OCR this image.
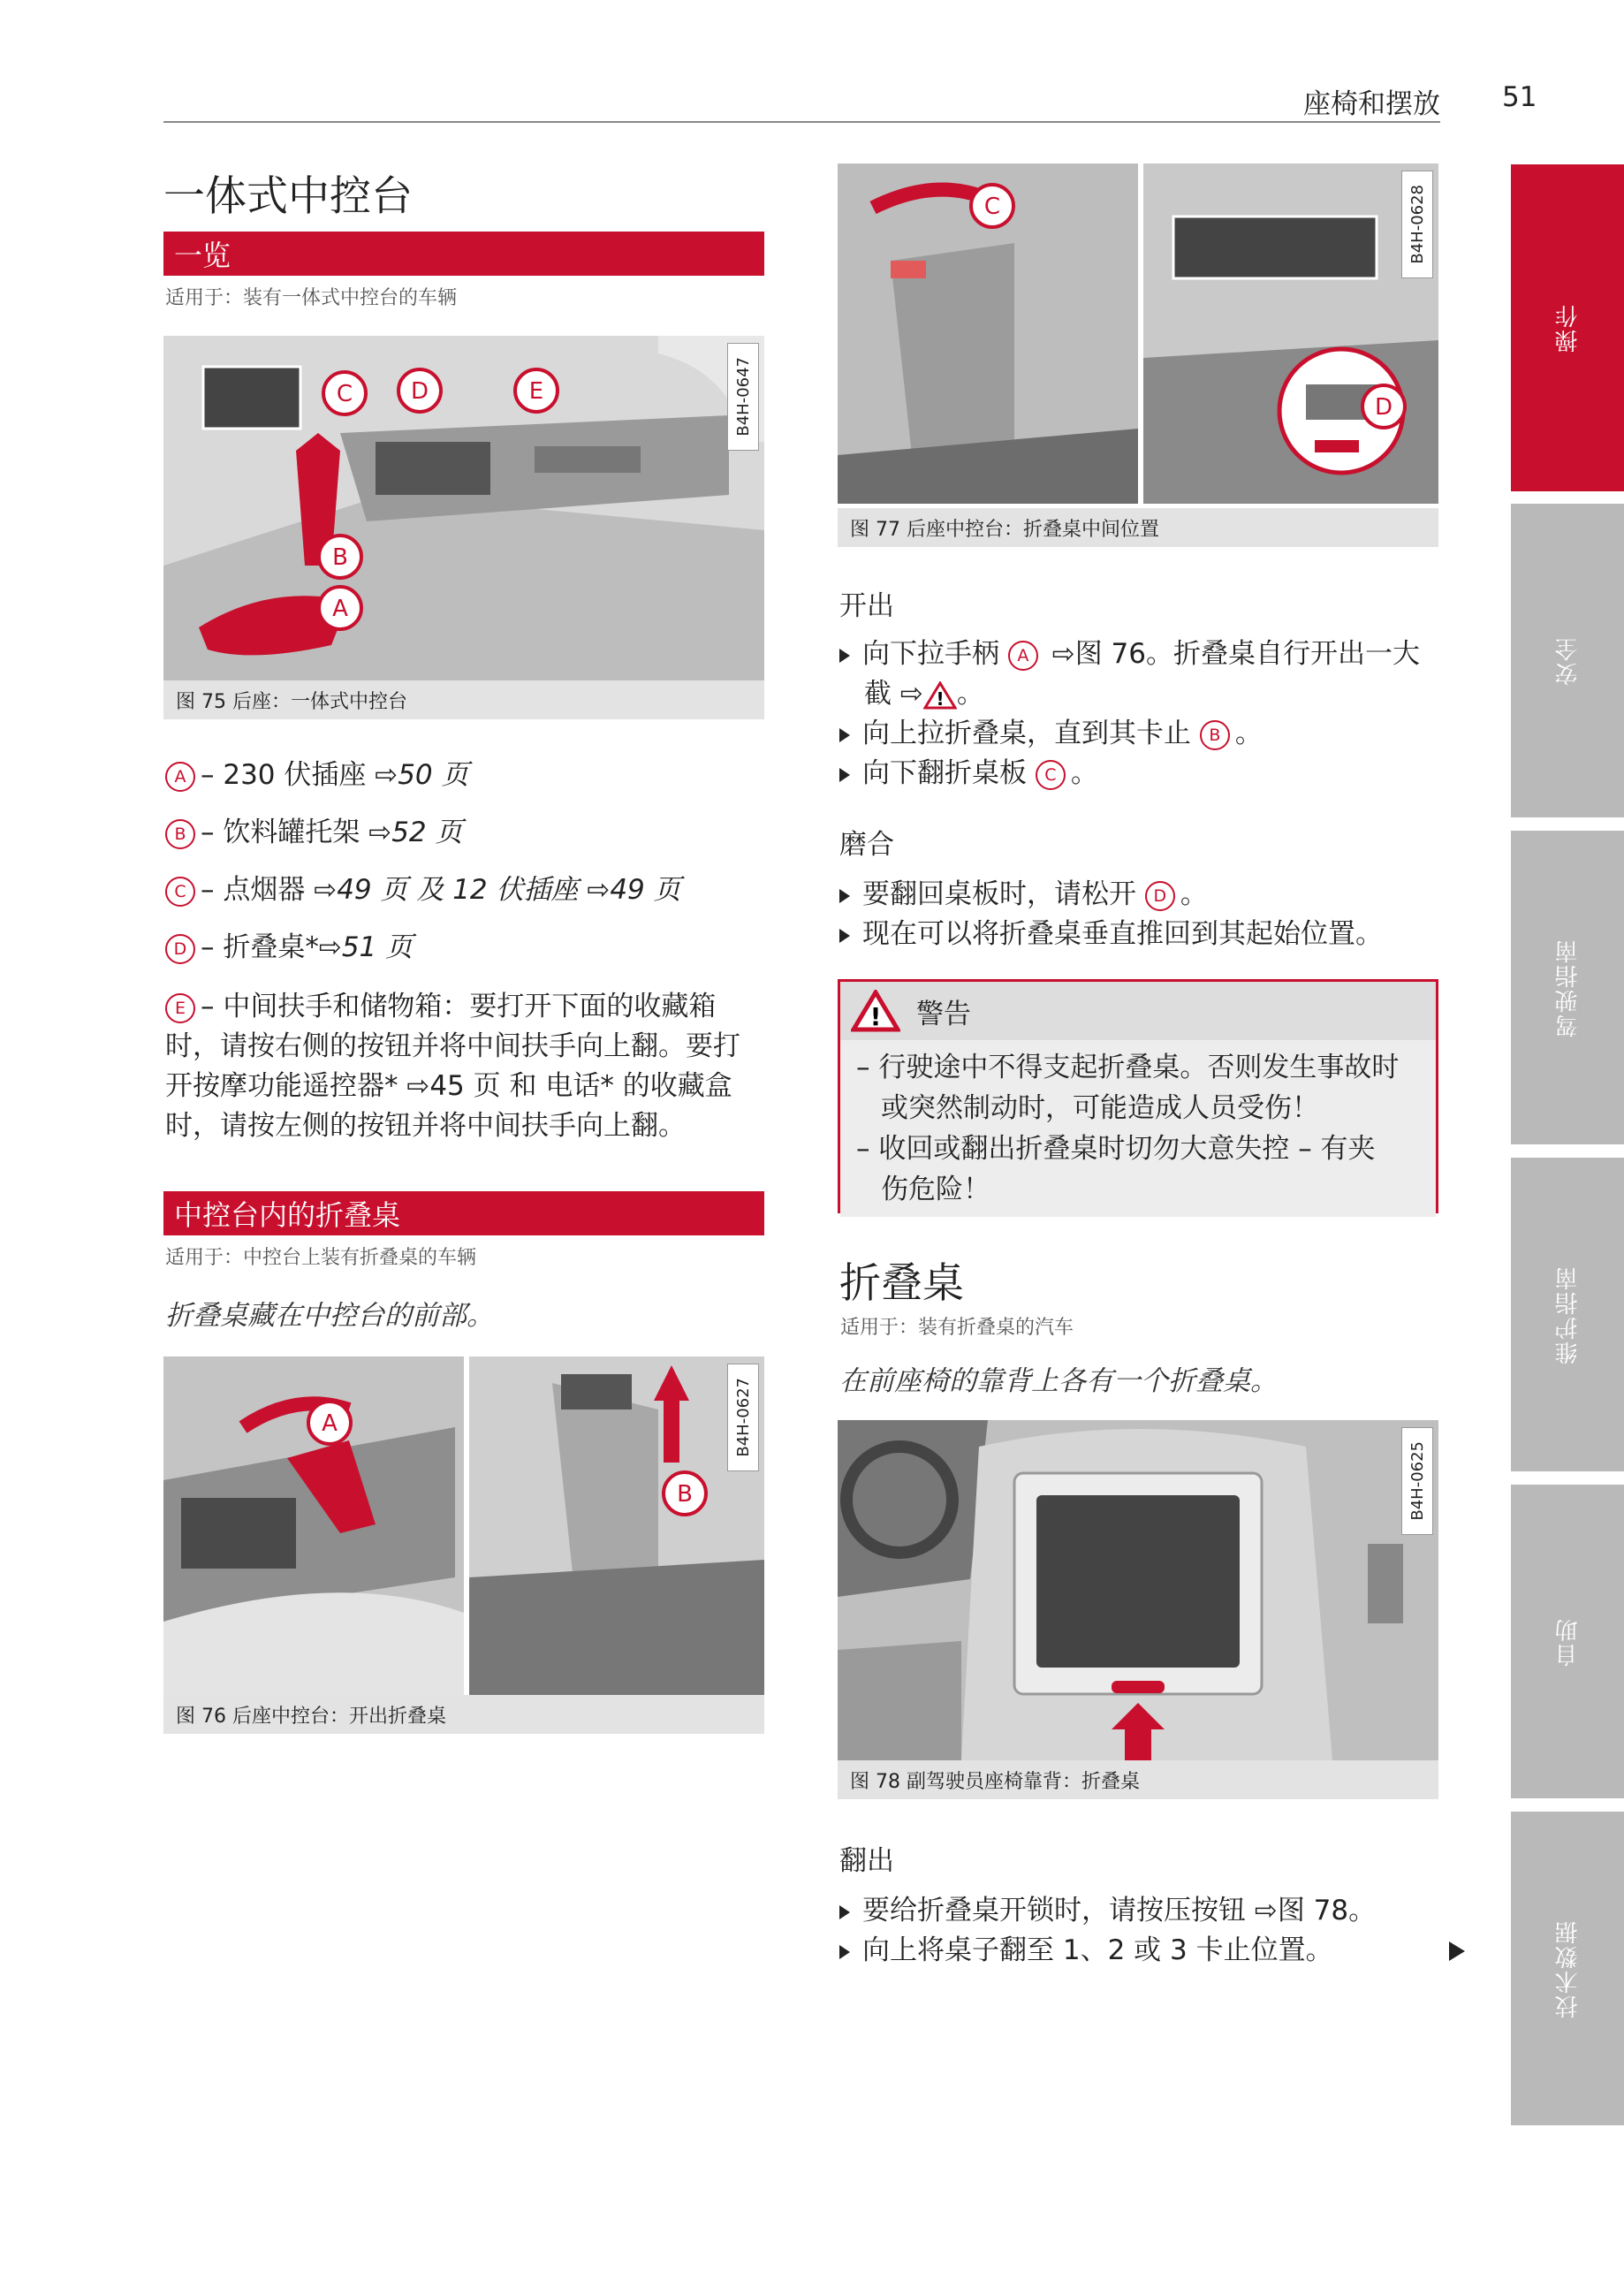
座椅和摆放 51
操作
安全
驾驶指南
维护指南
自助
技术数据
一体式中控台
一览
适用于：装有一体式中控台的车辆
C	D	E
B
A
B4H-0647
图 75 后座：一体式中控台
A – 230 伏插座 ⇨50 页
B – 饮料罐托架 ⇨52 页
C – 点烟器 ⇨49 页 及 12 伏插座 ⇨49 页
D – 折叠桌*⇨51 页
E – 中间扶手和储物箱：要打开下面的收藏箱
时，请按右侧的按钮并将中间扶手向上翻。要打
开按摩功能遥控器* ⇨45 页 和 电话* 的收藏盒
时，请按左侧的按钮并将中间扶手向上翻。
中控台内的折叠桌
适用于：中控台上装有折叠桌的车辆
折叠桌藏在中控台的前部。
A
B
B4H-0627
图 76 后座中控台：开出折叠桌
C
D
B4H-0628
图 77 后座中控台：折叠桌中间位置
开出
向下拉手柄 A ⇨图 76。折叠桌自行开出一大
截 ⇨ ! 。
向上拉折叠桌，直到其卡止 B 。
向下翻折桌板 C 。
磨合
要翻回桌板时，请松开 D 。
现在可以将折叠桌垂直推回到其起始位置。
! 警告
– 行驶途中不得支起折叠桌。否则发生事故时
或突然制动时，可能造成人员受伤！
– 收回或翻出折叠桌时切勿大意失控 – 有夹
伤危险！
折叠桌
适用于：装有折叠桌的汽车
在前座椅的靠背上各有一个折叠桌。
B4H-0625
图 78 副驾驶员座椅靠背：折叠桌
翻出
要给折叠桌开锁时，请按压按钮 ⇨图 78。
向上将桌子翻至 1、2 或 3 卡止位置。
